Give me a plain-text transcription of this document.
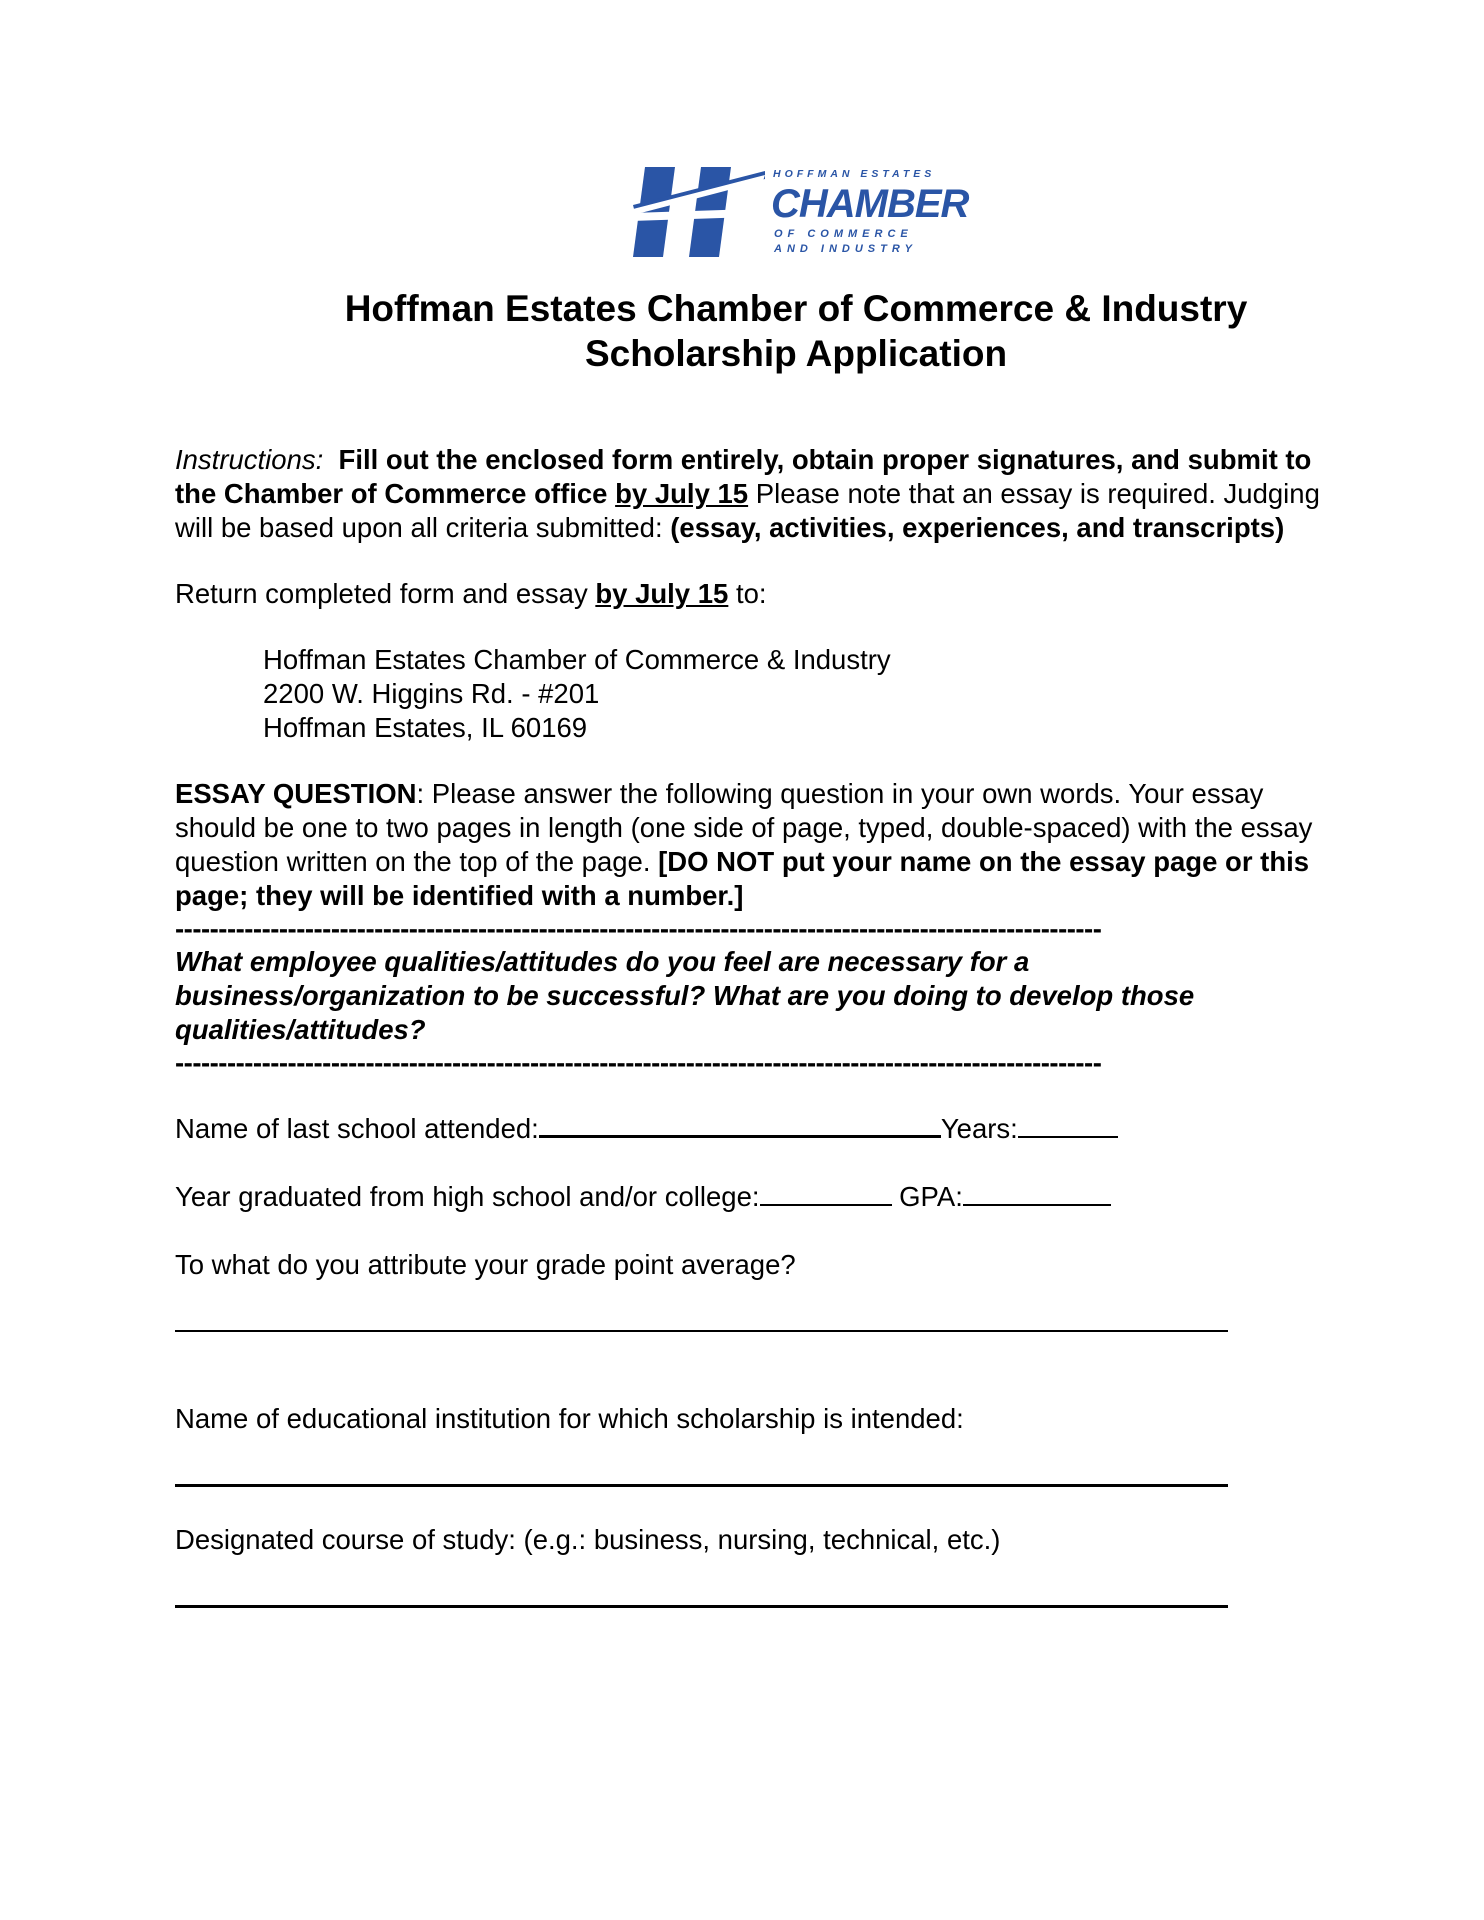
HOFFMAN ESTATES
CHAMBER
OF COMMERCE
AND INDUSTRY
Hoffman Estates Chamber of Commerce & Industry
Scholarship Application

Instructions: Fill out the enclosed form entirely, obtain proper signatures, and submit to the Chamber of Commerce office by July 15 Please note that an essay is required. Judging will be based upon all criteria submitted: (essay, activities, experiences, and transcripts)

Return completed form and essay by July 15 to:

Hoffman Estates Chamber of Commerce & Industry
2200 W. Higgins Rd. - #201
Hoffman Estates, IL 60169

ESSAY QUESTION: Please answer the following question in your own words. Your essay should be one to two pages in length (one side of page, typed, double-spaced) with the essay question written on the top of the page. [DO NOT put your name on the essay page or this page; they will be identified with a number.]

-----------------------------------------------------------------------------------------------------------

What employee qualities/attitudes do you feel are necessary for a business/organization to be successful? What are you doing to develop those qualities/attitudes?

-----------------------------------------------------------------------------------------------------------
Name of last school attended:	Years:
Year graduated from high school and/or college:	GPA:
To what do you attribute your grade point average?
Name of educational institution for which scholarship is intended:
Designated course of study: (e.g.: business, nursing, technical, etc.)
